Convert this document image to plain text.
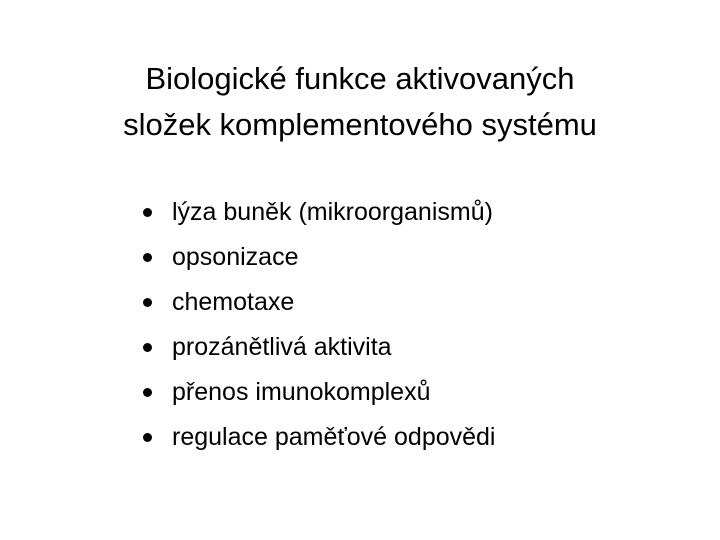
Biologické funkce aktivovaných
složek komplementového systému
lýza buněk (mikroorganismů)
opsonizace
chemotaxe
prozánětlivá aktivita
přenos imunokomplexů
regulace paměťové odpovědi
